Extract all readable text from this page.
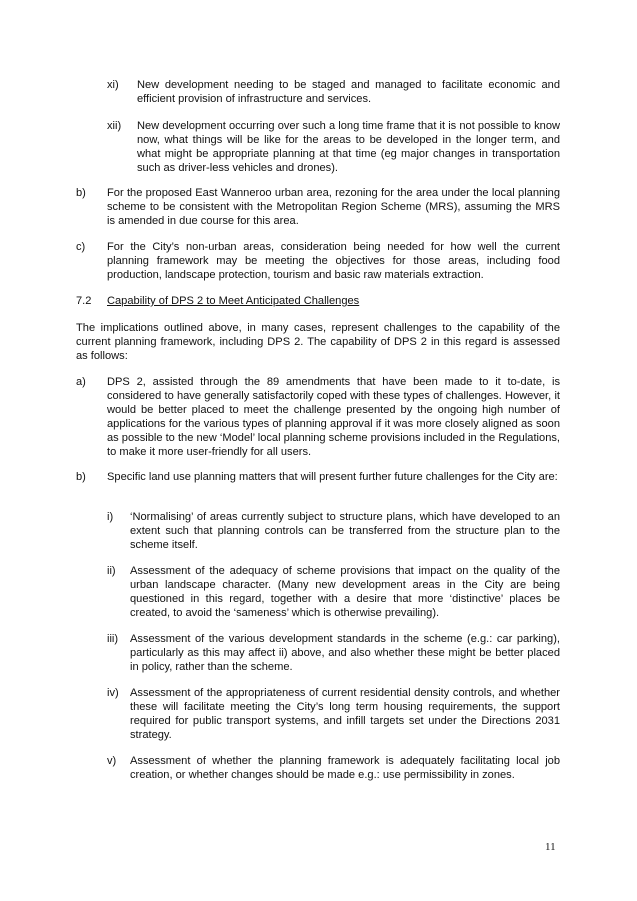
xi) New development needing to be staged and managed to facilitate economic and efficient provision of infrastructure and services.
xii) New development occurring over such a long time frame that it is not possible to know now, what things will be like for the areas to be developed in the longer term, and what might be appropriate planning at that time (eg major changes in transportation such as driver-less vehicles and drones).
b) For the proposed East Wanneroo urban area, rezoning for the area under the local planning scheme to be consistent with the Metropolitan Region Scheme (MRS), assuming the MRS is amended in due course for this area.
c) For the City’s non-urban areas, consideration being needed for how well the current planning framework may be meeting the objectives for those areas, including food production, landscape protection, tourism and basic raw materials extraction.
7.2 Capability of DPS 2 to Meet Anticipated Challenges
The implications outlined above, in many cases, represent challenges to the capability of the current planning framework, including DPS 2. The capability of DPS 2 in this regard is assessed as follows:
a) DPS 2, assisted through the 89 amendments that have been made to it to-date, is considered to have generally satisfactorily coped with these types of challenges. However, it would be better placed to meet the challenge presented by the ongoing high number of applications for the various types of planning approval if it was more closely aligned as soon as possible to the new ‘Model’ local planning scheme provisions included in the Regulations, to make it more user-friendly for all users.
b) Specific land use planning matters that will present further future challenges for the City are:
i) ‘Normalising’ of areas currently subject to structure plans, which have developed to an extent such that planning controls can be transferred from the structure plan to the scheme itself.
ii) Assessment of the adequacy of scheme provisions that impact on the quality of the urban landscape character. (Many new development areas in the City are being questioned in this regard, together with a desire that more ‘distinctive’ places be created, to avoid the ‘sameness’ which is otherwise prevailing).
iii) Assessment of the various development standards in the scheme (e.g.: car parking), particularly as this may affect ii) above, and also whether these might be better placed in policy, rather than the scheme.
iv) Assessment of the appropriateness of current residential density controls, and whether these will facilitate meeting the City’s long term housing requirements, the support required for public transport systems, and infill targets set under the Directions 2031 strategy.
v) Assessment of whether the planning framework is adequately facilitating local job creation, or whether changes should be made e.g.: use permissibility in zones.
11
